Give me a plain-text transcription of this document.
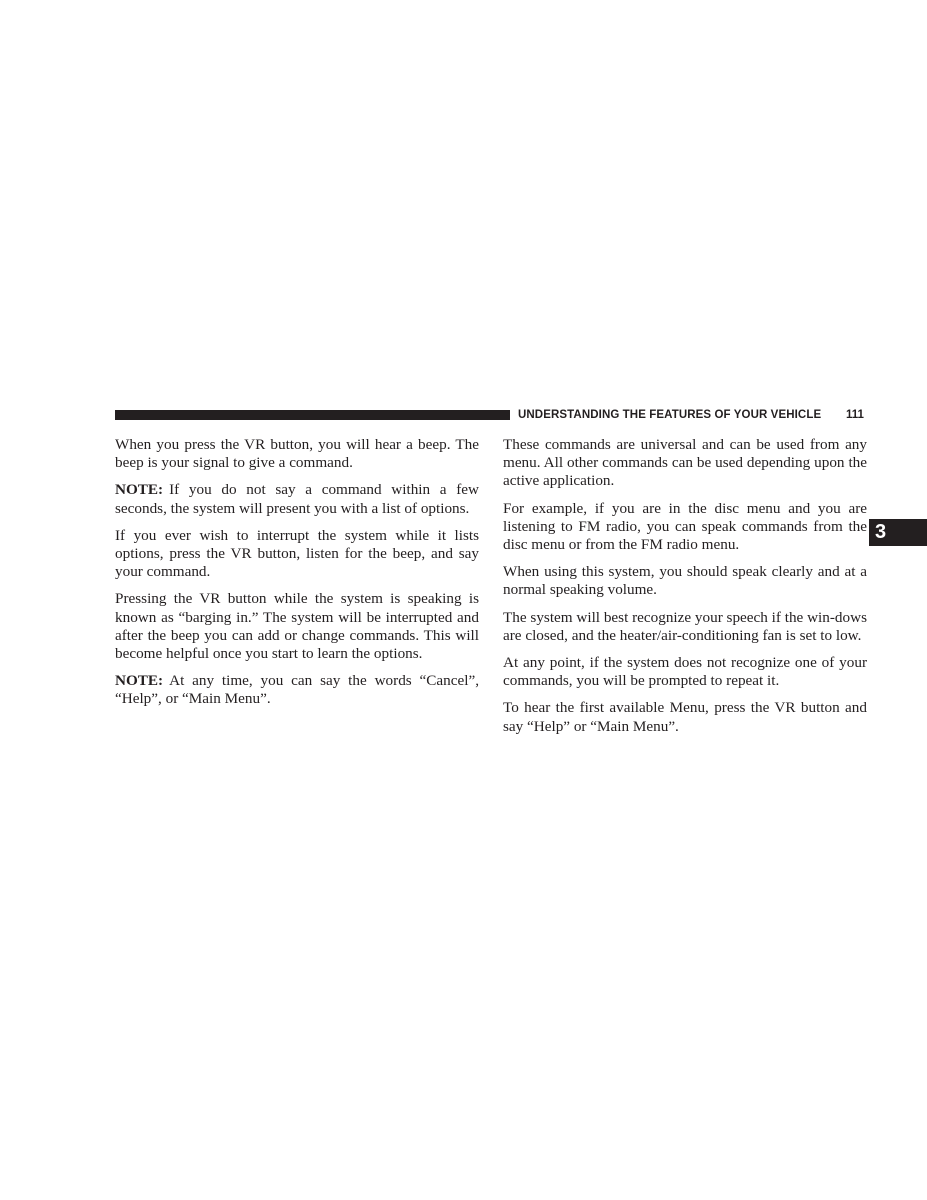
UNDERSTANDING THE FEATURES OF YOUR VEHICLE 111
3

When you press the VR button, you will hear a beep. The beep is your signal to give a command.

NOTE: If you do not say a command within a few seconds, the system will present you with a list of options.

If you ever wish to interrupt the system while it lists options, press the VR button, listen for the beep, and say your command.

Pressing the VR button while the system is speaking is known as “barging in.” The system will be interrupted and after the beep you can add or change commands. This will become helpful once you start to learn the options.

NOTE: At any time, you can say the words “Cancel”, “Help”, or “Main Menu”.

These commands are universal and can be used from any menu. All other commands can be used depending upon the active application.

For example, if you are in the disc menu and you are listening to FM radio, you can speak commands from the disc menu or from the FM radio menu.

When using this system, you should speak clearly and at a normal speaking volume.

The system will best recognize your speech if the win-dows are closed, and the heater/air-conditioning fan is set to low.

At any point, if the system does not recognize one of your commands, you will be prompted to repeat it.

To hear the first available Menu, press the VR button and say “Help” or “Main Menu”.
